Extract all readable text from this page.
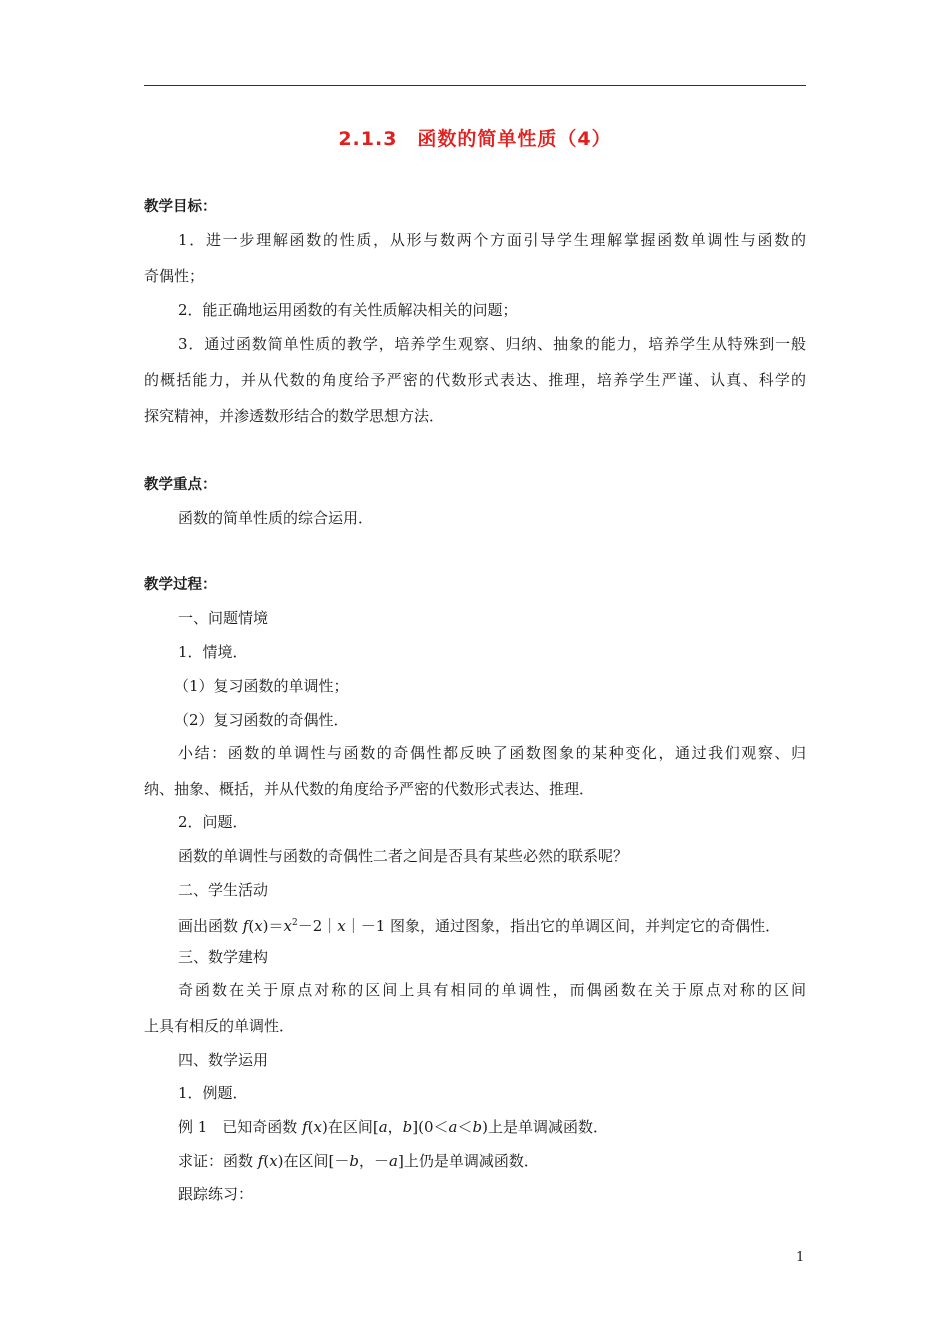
2.1.3　函数的简单性质（4）
教学目标：
1．进一步理解函数的性质，从形与数两个方面引导学生理解掌握函数单调性与函数的
奇偶性；
2．能正确地运用函数的有关性质解决相关的问题；
3．通过函数简单性质的教学，培养学生观察、归纳、抽象的能力，培养学生从特殊到一般
的概括能力，并从代数的角度给予严密的代数形式表达、推理，培养学生严谨、认真、科学的
探究精神，并渗透数形结合的数学思想方法．
教学重点：
函数的简单性质的综合运用．
教学过程：
一、问题情境
1．情境．
（1）复习函数的单调性；
（2）复习函数的奇偶性．
小结：函数的单调性与函数的奇偶性都反映了函数图象的某种变化，通过我们观察、归
纳、抽象、概括，并从代数的角度给予严密的代数形式表达、推理．
2．问题．
函数的单调性与函数的奇偶性二者之间是否具有某些必然的联系呢？
二、学生活动
画出函数 $f(x)=x^2-2|x|-1$ 图象，通过图象，指出它的单调区间，并判定它的奇偶性．
三、数学建构
奇函数在关于原点对称的区间上具有相同的单调性，而偶函数在关于原点对称的区间
上具有相反的单调性．
四、数学运用
1．例题．
例 1　已知奇函数 f(x)在区间[a，b](0＜a＜b)上是单调减函数．
求证：函数 f(x)在区间[－b，－a]上仍是单调减函数．
跟踪练习：
1
